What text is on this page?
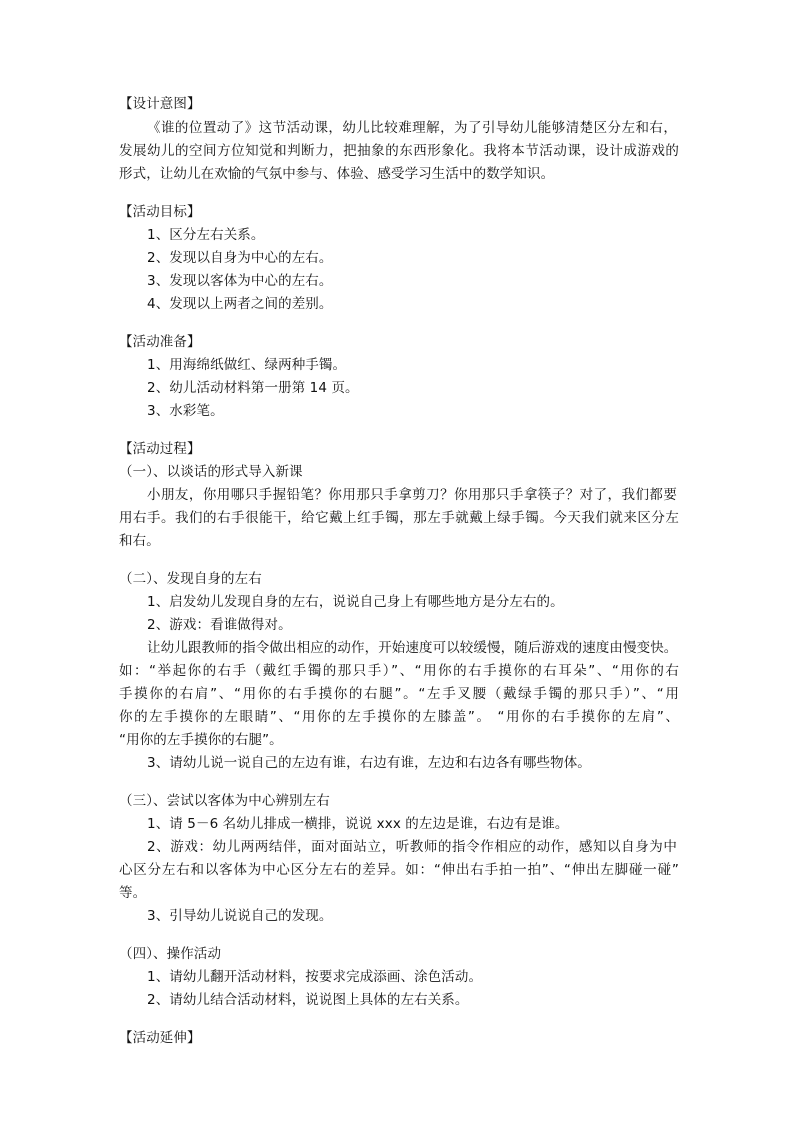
【设计意图】
《谁的位置动了》这节活动课，幼儿比较难理解，为了引导幼儿能够清楚区分左和右，
发展幼儿的空间方位知觉和判断力，把抽象的东西形象化。我将本节活动课，设计成游戏的
形式，让幼儿在欢愉的气氛中参与、体验、感受学习生活中的数学知识。
【活动目标】
1、区分左右关系。
2、发现以自身为中心的左右。
3、发现以客体为中心的左右。
4、发现以上两者之间的差别。
【活动准备】
1、用海绵纸做红、绿两种手镯。
2、幼儿活动材料第一册第 14 页。
3、水彩笔。
【活动过程】
（一）、以谈话的形式导入新课
小朋友，你用哪只手握铅笔？你用那只手拿剪刀？你用那只手拿筷子？对了，我们都要
用右手。我们的右手很能干，给它戴上红手镯，那左手就戴上绿手镯。今天我们就来区分左
和右。
（二）、发现自身的左右
1、启发幼儿发现自身的左右，说说自己身上有哪些地方是分左右的。
2、游戏：看谁做得对。
让幼儿跟教师的指令做出相应的动作，开始速度可以较缓慢，随后游戏的速度由慢变快。
如：“举起你的右手（戴红手镯的那只手）”、“用你的右手摸你的右耳朵”、“用你的右
手摸你的右肩”、“用你的右手摸你的右腿”。“左手叉腰（戴绿手镯的那只手）”、“用
你的左手摸你的左眼睛”、“用你的左手摸你的左膝盖”。 “用你的右手摸你的左肩”、
“用你的左手摸你的右腿”。
3、请幼儿说一说自己的左边有谁，右边有谁，左边和右边各有哪些物体。
（三）、尝试以客体为中心辨别左右
1、请 5－6 名幼儿排成一横排，说说 xxx 的左边是谁，右边有是谁。
2、游戏：幼儿两两结伴，面对面站立，听教师的指令作相应的动作，感知以自身为中
心区分左右和以客体为中心区分左右的差异。如：“伸出右手拍一拍”、“伸出左脚碰一碰”
等。
3、引导幼儿说说自己的发现。
（四）、操作活动
1、请幼儿翻开活动材料，按要求完成添画、涂色活动。
2、请幼儿结合活动材料，说说图上具体的左右关系。
【活动延伸】
